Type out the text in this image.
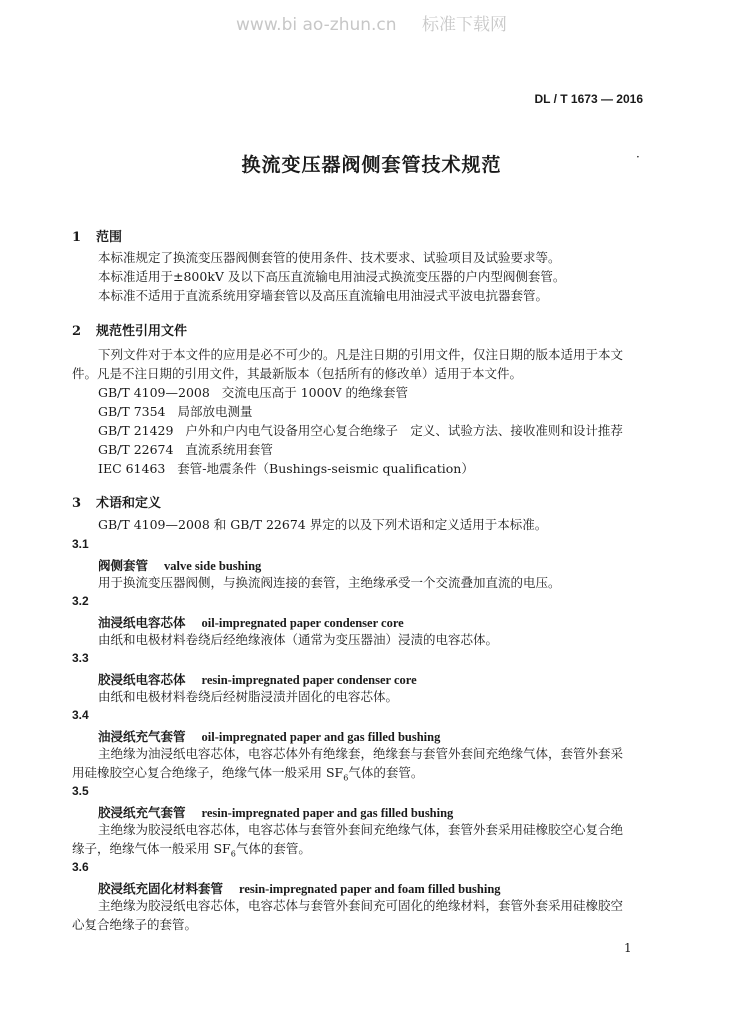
www.bi ao-zhun.cn 标准下载网
DL / T 1673 — 2016
换流变压器阀侧套管技术规范	·
1 范围
本标准规定了换流变压器阀侧套管的使用条件、技术要求、试验项目及试验要求等。
本标准适用于±800kV 及以下高压直流输电用油浸式换流变压器的户内型阀侧套管。
本标准不适用于直流系统用穿墙套管以及高压直流输电用油浸式平波电抗器套管。
2 规范性引用文件
下列文件对于本文件的应用是必不可少的。凡是注日期的引用文件，仅注日期的版本适用于本文
件。凡是不注日期的引用文件，其最新版本（包括所有的修改单）适用于本文件。
GB/T 4109—2008 交流电压高于 1000V 的绝缘套管
GB/T 7354 局部放电测量
GB/T 21429 户外和户内电气设备用空心复合绝缘子　定义、试验方法、接收准则和设计推荐
GB/T 22674 直流系统用套管
IEC 61463 套管-地震条件（Bushings-seismic qualification）
3 术语和定义
GB/T 4109—2008 和 GB/T 22674 界定的以及下列术语和定义适用于本标准。
3.1
阀侧套管 valve side bushing
用于换流变压器阀侧，与换流阀连接的套管，主绝缘承受一个交流叠加直流的电压。
3.2
油浸纸电容芯体 oil-impregnated paper condenser core
由纸和电极材料卷绕后经绝缘液体（通常为变压器油）浸渍的电容芯体。
3.3
胶浸纸电容芯体 resin-impregnated paper condenser core
由纸和电极材料卷绕后经树脂浸渍并固化的电容芯体。
3.4
油浸纸充气套管 oil-impregnated paper and gas filled bushing
主绝缘为油浸纸电容芯体，电容芯体外有绝缘套，绝缘套与套管外套间充绝缘气体，套管外套采
用硅橡胶空心复合绝缘子，绝缘气体一般采用 $SF_6$气体的套管。
3.5
胶浸纸充气套管 resin-impregnated paper and gas filled bushing
主绝缘为胶浸纸电容芯体，电容芯体与套管外套间充绝缘气体，套管外套采用硅橡胶空心复合绝
缘子，绝缘气体一般采用 $SF_6$气体的套管。
3.6
胶浸纸充固化材料套管 resin-impregnated paper and foam filled bushing
主绝缘为胶浸纸电容芯体，电容芯体与套管外套间充可固化的绝缘材料，套管外套采用硅橡胶空
心复合绝缘子的套管。
1
